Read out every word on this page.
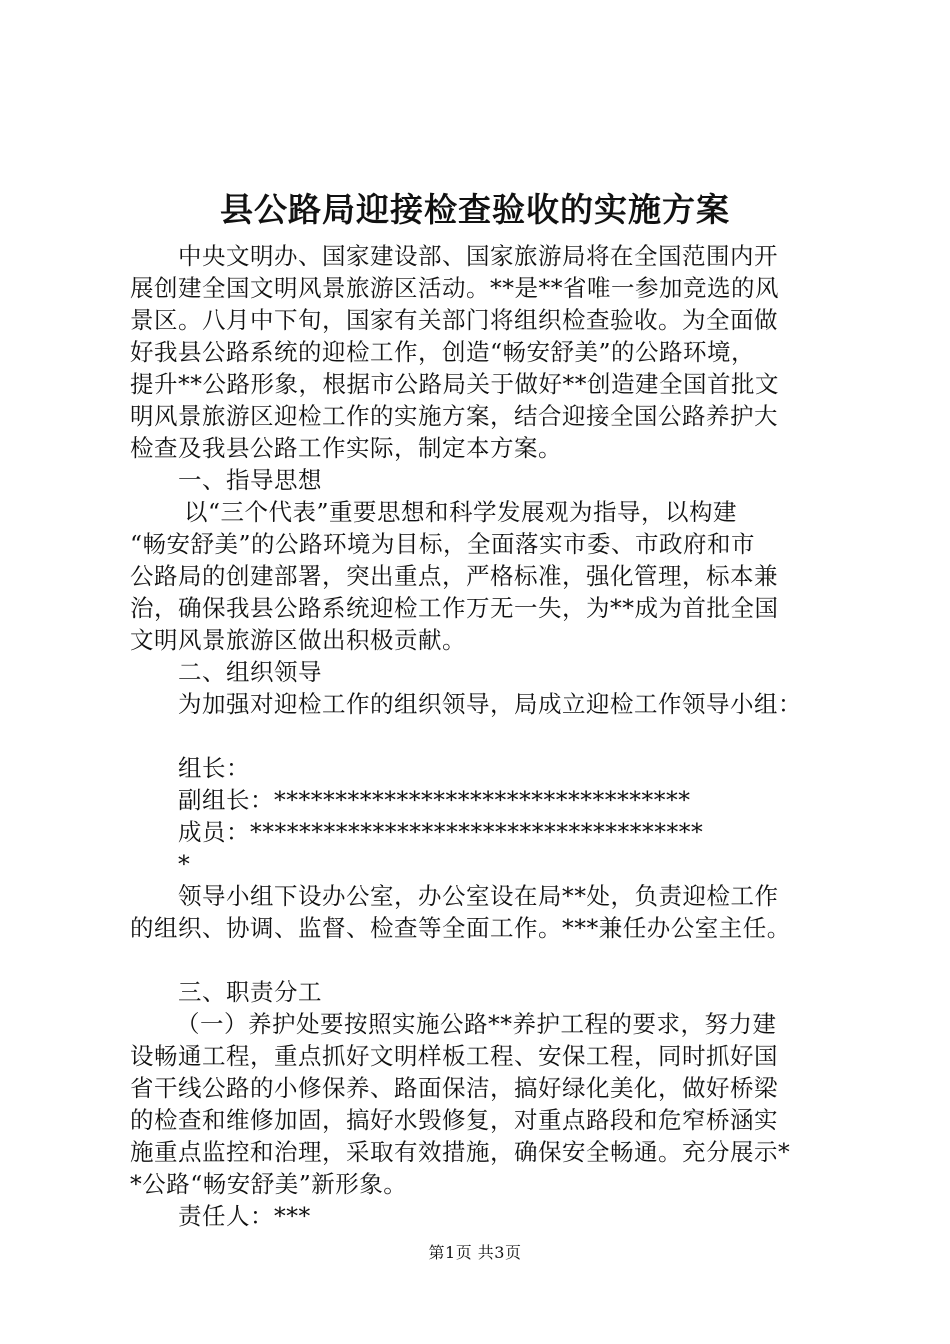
县公路局迎接检查验收的实施方案
中央文明办、国家建设部、国家旅游局将在全国范围内开
展创建全国文明风景旅游区活动。**是**省唯一参加竞选的风
景区。八月中下旬，国家有关部门将组织检查验收。为全面做
好我县公路系统的迎检工作，创造“畅安舒美”的公路环境，
提升**公路形象，根据市公路局关于做好**创造建全国首批文
明风景旅游区迎检工作的实施方案，结合迎接全国公路养护大
检查及我县公路工作实际，制定本方案。
一、指导思想
以“三个代表”重要思想和科学发展观为指导，以构建
“畅安舒美”的公路环境为目标，全面落实市委、市政府和市
公路局的创建部署，突出重点，严格标准，强化管理，标本兼
治，确保我县公路系统迎检工作万无一失，为**成为首批全国
文明风景旅游区做出积极贡献。
二、组织领导
为加强对迎检工作的组织领导，局成立迎检工作领导小组：
组长：
副组长：**********************************
成员：*************************************
*
领导小组下设办公室，办公室设在局**处，负责迎检工作
的组织、协调、监督、检查等全面工作。***兼任办公室主任。
三、职责分工
（一）养护处要按照实施公路**养护工程的要求，努力建
设畅通工程，重点抓好文明样板工程、安保工程，同时抓好国
省干线公路的小修保养、路面保洁，搞好绿化美化，做好桥梁
的检查和维修加固，搞好水毁修复，对重点路段和危窄桥涵实
施重点监控和治理，采取有效措施，确保安全畅通。充分展示*
*公路“畅安舒美”新形象。
责任人：***
第1页 共3页
